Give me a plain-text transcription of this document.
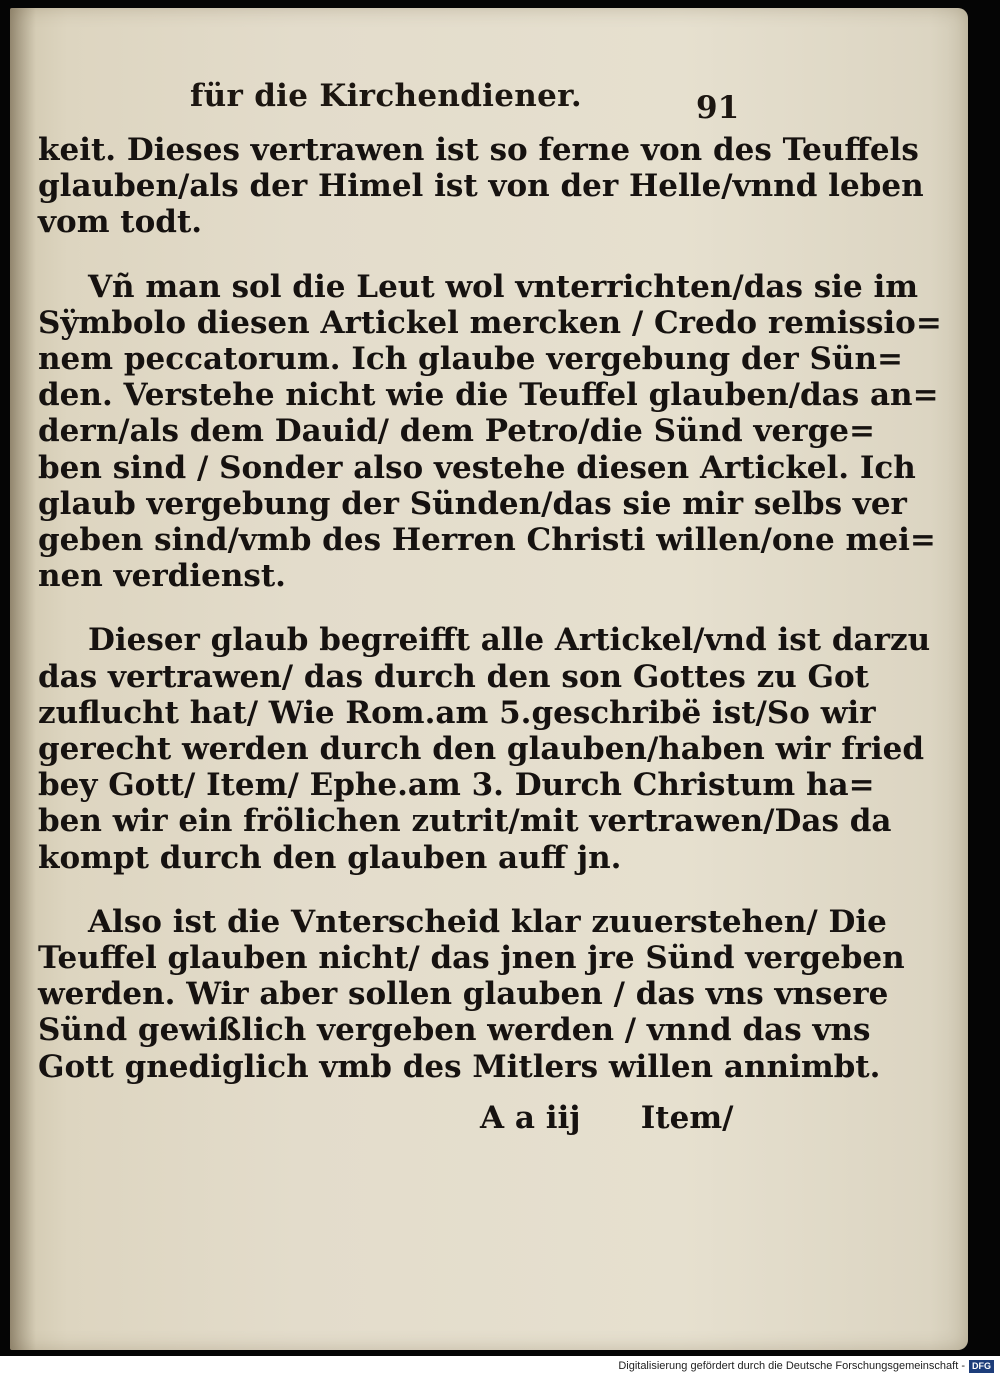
für die Kirchendiener.	91
keit. Dieses vertrawen ist so ferne von des Teuffels
glauben/als der Himel ist von der Helle/vnnd leben
vom todt.
Vñ man sol die Leut wol vnterrichten/das sie im
Sÿmbolo diesen Artickel mercken / Credo remissio=
nem peccatorum. Ich glaube vergebung der Sün=
den. Verstehe nicht wie die Teuffel glauben/das an=
dern/als dem Dauid/ dem Petro/die Sünd verge=
ben sind / Sonder also vestehe diesen Artickel. Ich
glaub vergebung der Sünden/das sie mir selbs ver
geben sind/vmb des Herren Christi willen/one mei=
nen verdienst.
Dieser glaub begreifft alle Artickel/vnd ist darzu
das vertrawen/ das durch den son Gottes zu Got
zuflucht hat/ Wie Rom.am 5.geschribë ist/So wir
gerecht werden durch den glauben/haben wir fried
bey Gott/ Item/ Ephe.am 3. Durch Christum ha=
ben wir ein frölichen zutrit/mit vertrawen/Das da
kompt durch den glauben auff jn.
Also ist die Vnterscheid klar zuuerstehen/ Die
Teuffel glauben nicht/ das jnen jre Sünd vergeben
werden. Wir aber sollen glauben / das vns vnsere
Sünd gewißlich vergeben werden / vnnd das vns
Gott gnediglich vmb des Mitlers willen annimbt.
A a iij Item/
Digitalisierung gefördert durch die Deutsche Forschungsgemeinschaft - DFG
